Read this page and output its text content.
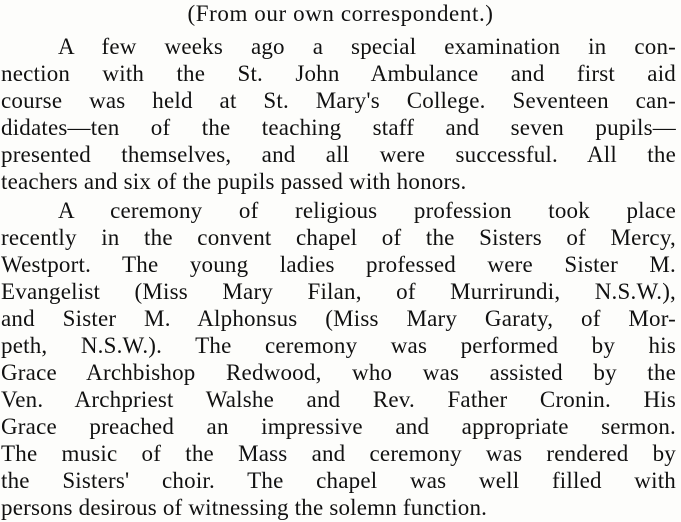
(From our own correspondent.)
A few weeks ago a special examination in con-
nection with the St. John Ambulance and first aid
course was held at St. Mary's College. Seventeen can-
didates—ten of the teaching staff and seven pupils—
presented themselves, and all were successful. All the
teachers and six of the pupils passed with honors.
A ceremony of religious profession took place
recently in the convent chapel of the Sisters of Mercy,
Westport. The young ladies professed were Sister M.
Evangelist (Miss Mary Filan, of Murrirundi, N.S.W.),
and Sister M. Alphonsus (Miss Mary Garaty, of Mor-
peth, N.S.W.). The ceremony was performed by his
Grace Archbishop Redwood, who was assisted by the
Ven. Archpriest Walshe and Rev. Father Cronin. His
Grace preached an impressive and appropriate sermon.
The music of the Mass and ceremony was rendered by
the Sisters' choir. The chapel was well filled with
persons desirous of witnessing the solemn function.
